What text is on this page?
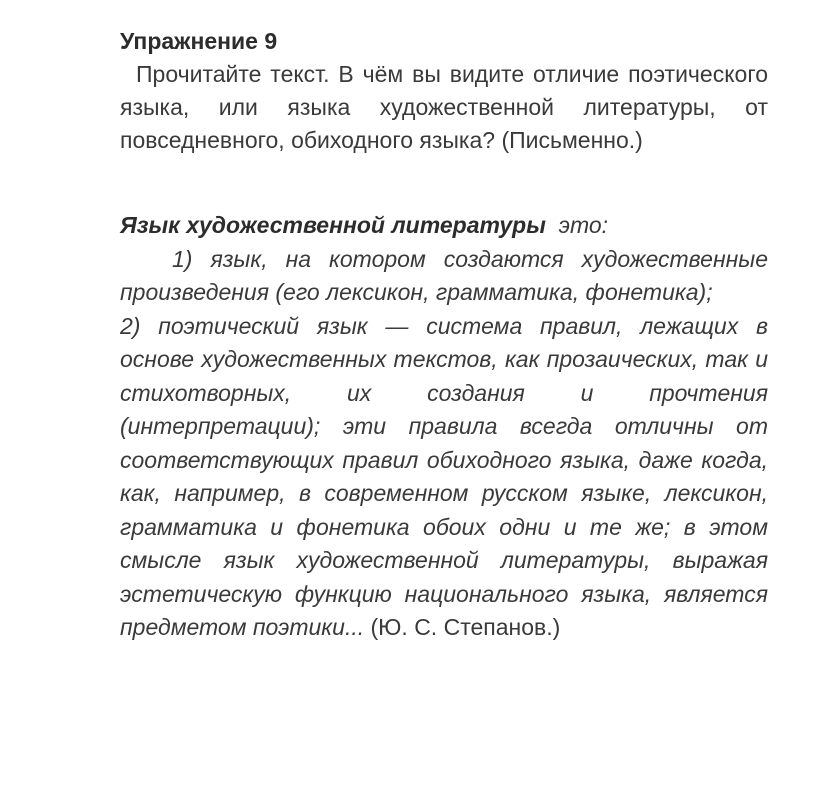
Упражнение 9

Прочитайте текст. В чём вы видите отличие поэтического языка, или языка художественной литературы, от повседневного, обиходного языка? (Письменно.)

Язык художественной литературы это:

1) язык, на котором создаются художественные произведения (его лексикон, грамматика, фонетика);

2) поэтический язык — система правил, лежащих в основе художественных текстов, как прозаических, так и стихотворных, их создания и прочтения (интерпретации); эти правила всегда отличны от соответствующих правил обиходного языка, даже когда, как, например, в современном русском языке, лексикон, грамматика и фонетика обоих одни и те же; в этом смысле язык художественной литературы, выражая эстетическую функцию национального языка, является предметом поэтики... (Ю. С. Степанов.)
